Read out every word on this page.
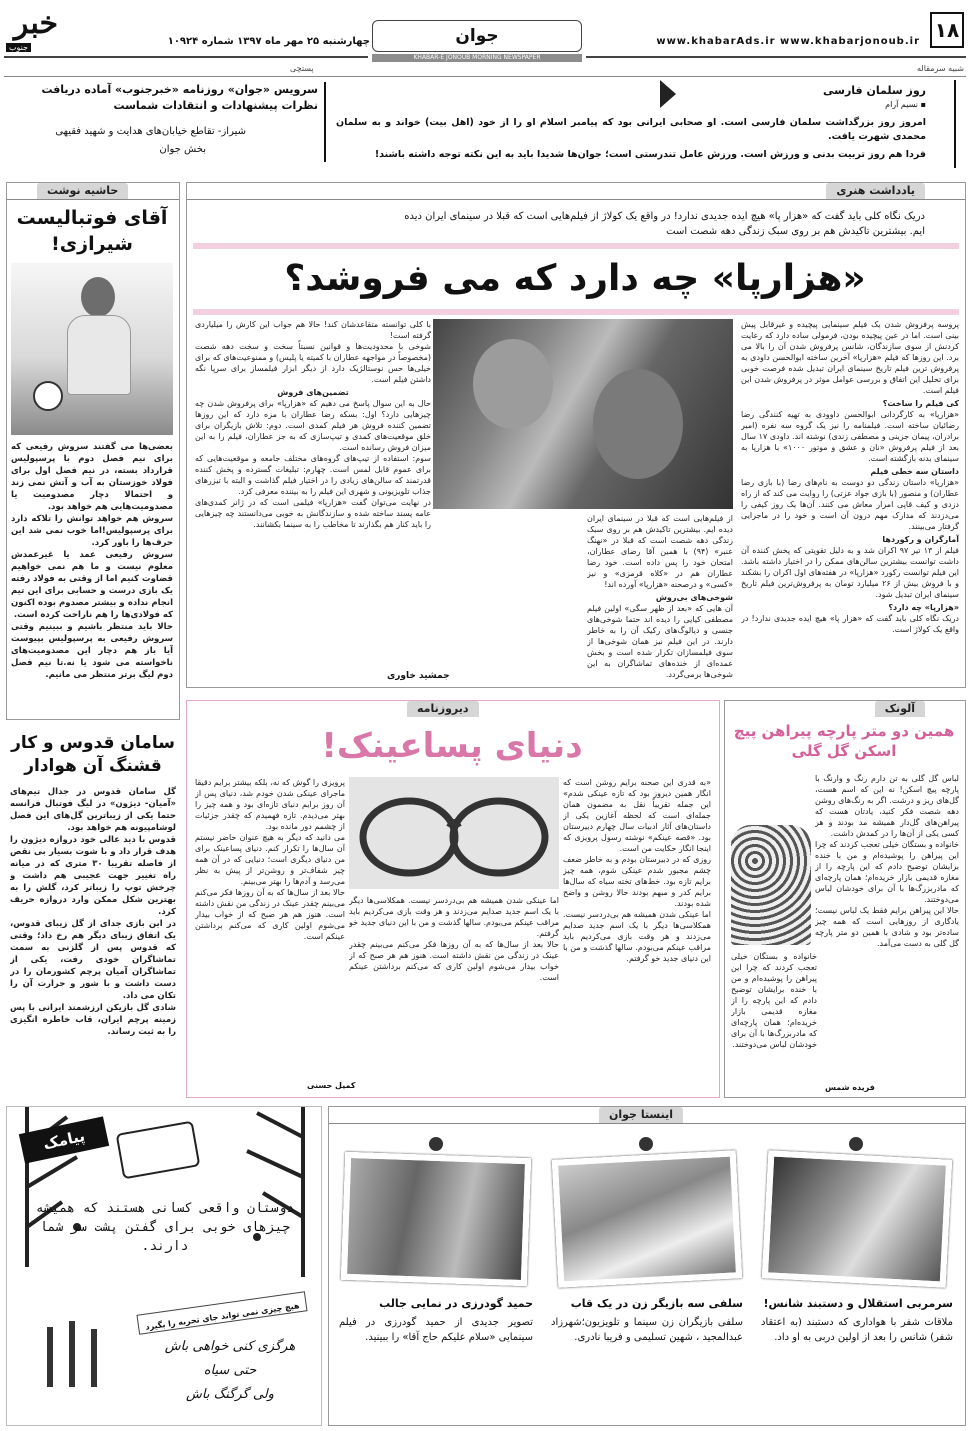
۱۸
www.khabarAds.ir www.khabarjonoub.ir
جوان
چهارشنبه ۲۵ مهر ماه ۱۳۹۷ شماره ۱۰۹۲۴
خبر
جنوب
KHABAR-E JONOUB MORNING NEWSPAPER
شبیه سرمقاله
پستچی
روز سلمان فارسی
▪ نسیم آرام
امروز روز بزرگداشت سلمان فارسی است. او صحابی ایرانی بود که پیامبر اسلام او را از خود (اهل بیت) خواند و به سلمان محمدی شهرت یافت.
فردا هم روز تربیت بدنی و ورزش است. ورزش عامل تندرستی است؛ جوان‌ها شدیدا باید به این نکته توجه داشته باشند!
سرویس «جوان» روزنامه «خبرجنوب» آماده دریافت نظرات پیشنهادات و انتقادات شماست
شیراز- تقاطع خیابان‌های هدایت و شهید فقیهی
بخش جوان
یادداشت هنری
دریک نگاه کلی باید گفت که «هزار پا» هیچ ایده جدیدی ندارد! در واقع یک کولاژ از فیلم‌هایی است که قبلا در سینمای ایران دیده ایم. بیشترین تاکیدش هم بر روی سبک زندگی دهه شصت است
«هزارپا» چه دارد که می فروشد؟

پروسه پرفروش شدن یک فیلم سینمایی پیچیده و غیرقابل پیش بینی است. اما در عین پیچیده بودن، فرمولی ساده دارد که رعایت کردنش از سوی سازندگان، شانس پرفروش شدن آن را بالا می برد. این روزها که فیلم «هزارپا» آخرین ساخته ابوالحسن داودی به پرفروش ترین فیلم تاریخ سینمای ایران تبدیل شده فرصت خوبی برای تحلیل این اتفاق و بررسی عوامل موثر در پرفروش شدن این فیلم است.

کی فیلم را ساخت؟

«هزارپا» به کارگردانی ابوالحسن داوودی به تهیه کنندگی رضا رضائیان ساخته است. فیلمنامه را نیز یک گروه سه نفره (امیر برادران، پیمان جزینی و مصطفی زندی) نوشته اند. داودی ۱۷ سال بعد از فیلم پرفروش «نان و عشق و موتور ۱۰۰۰» با هزارپا به سینمای بدنه بازگشته است.

داستان سه خطی فیلم

«هزارپا» داستان زندگی دو دوست به نام‌های رضا (با بازی رضا عطاران) و منصور (با بازی جواد عزتی) را روایت می کند که از راه دزدی و کیف قاپی امرار معاش می کنند. آن‌ها یک روز کیفی را می‌دزدند که مدارک مهم درون آن است و خود را در ماجرایی گرفتار می‌بینند.

آمارگران و رکوردها

فیلم از ۱۳ تیر ۹۷ اکران شد و به دلیل تقویتی که پخش کننده آن داشت توانست بیشترین سالن‌های ممکن را در اختیار داشته باشد. این فیلم توانست رکورد «هزارپا» در هفته‌های اول اکران را بشکند و با فروش بیش از ۲۶ میلیارد تومان به پرفروش‌ترین فیلم تاریخ سینمای ایران تبدیل شود.

«هزارپا» چه دارد؟

دریک نگاه کلی باید گفت که «هزار پا» هیچ ایده جدیدی ندارد! در واقع یک کولاژ است.

از فیلم‌هایی است که قبلا در سینمای ایران دیده ایم. بیشترین تاکیدش هم بر روی سبک زندگی دهه شصت است که قبلا در «نهنگ عنبر» (۹۴) با همین آقا رضای عطاران، امتحان خود را پس داده است. خود رضا عطاران هم در «کلاه قرمزی» و نیز «کسی» و درصحنه «هزارپا» آورده اند!

شوخی‌های بی‌روش

آن هایی که «بعد از ظهر سگی» اولین فیلم مصطفی کیایی را دیده اند حتما شوخی‌های جنسی و دیالوگ‌های رکیک آن را به خاطر دارند. در این فیلم نیز همان شوخی‌ها از سوی فیلمسازان تکرار شده است و بخش عمده‌ای از خنده‌های تماشاگران به این شوخی‌ها برمی‌گردد.

با کلی توانسته متقاعدشان کند! حالا هم جواب این کارش را میلیاردی گرفته است!

شوخی با محدودیت‌ها و قوانین نسبتاً سخت و سخت دهه شصت (مخصوصاً در مواجهه عطاران با کمیته یا پلیس) و ممنوعیت‌های که برای خیلی‌ها حس نوستالژیک دارد از دیگر ابزار فیلمساز برای سرپا نگه داشتن فیلم است.

تضمین‌های فروش

حال به این سوال پاسخ می دهیم که «هزارپا» برای پرفروش شدن چه چیزهایی دارد؟ اول: بسکه رضا عطاران با مزه دارد که این روزها تضمین کننده فروش هر فیلم کمدی است. دوم: تلاش بازیگران برای خلق موقعیت‌های کمدی و تیپ‌سازی که به جز عطاران، فیلم را به این میزان فروش رسانده است.

سوم: استفاده از تیپ‌های گروه‌های مختلف جامعه و موقعیت‌هایی که برای عموم قابل لمس است. چهارم: تبلیغات گسترده و پخش کننده قدرتمند که سالن‌های زیادی را در اختیار فیلم گذاشت و البته با تیزرهای جذاب تلویزیونی و شهری این فیلم را به بیننده معرفی کرد.

در نهایت می‌توان گفت «هزارپا» فیلمی است که در ژانر کمدی‌های عامه پسند ساخته شده و سازندگانش به خوبی می‌دانستند چه چیزهایی را باید کنار هم بگذارند تا مخاطب را به سینما بکشانند.

جمشید خاوری
حاشیه نوشت
آقای فوتبالیست شیرازی!

بعضی‌ها می گفتند سروش رفیعی که برای نیم فصل دوم با پرسپولیس قرارداد بسته، در نیم فصل اول برای فولاد خوزستان به آب و آتش نمی زند و احتمالا دچار مصدومیت یا مصدومیت‌هایی هم خواهد بود.

سروش هم خواهد توانش را تلاکه دارد برای پرسپولیس!اما خوب نمی شد این حرف‌ها را باور کرد.

سروش رفیعی عمد یا غیرعمدش معلوم نیست و ما هم نمی خواهیم قضاوت کنیم اما از وقتی به فولاد رفته یک بازی درست و حسابی برای این تیم انجام نداده و بیشتر مصدوم بوده اکنون که فولادی‌ها را هم ناراحت کرده است.

حالا باید منتظر باشیم و ببینیم وقتی سروش رفیعی به پرسپولیس بپیوست آیا باز هم دچار این مصدومیت‌های ناخواسته می شود یا نه.تا نیم فصل دوم لیگ برتر منتظر می مانیم.

سامان قدوس و کار قشنگ آن هوادار

گل سامان قدوس در جدال تیم‌های «آمیان- دیژون» در لیگ فوتبال فرانسه حتما یکی از زیباترین گل‌های این فصل لوشامپیونه هم خواهد بود.

قدوس با دید عالی خود دروازه دیژون را هدف قرار داد و با شوت بسیار بی نقص از فاصله تقریبا ۳۰ متری که در میانه راه تغییر جهت عجیبی هم داشت و چرخش توپ را زیباتر کرد، گلش را به بهترین شکل ممکن وارد دروازه حریف کرد.

در این بازی جدای از گل زیبای قدوس، یک اتفاق زیبای دیگر هم رخ داد؛ وقتی که قدوس پس از گلزنی به سمت تماشاگران خودی رفت، یکی از تماشاگران آمیان پرچم کشورمان را در دست داشت و با شور و حرارت آن را تکان می داد.

شادی گل بازیکن ارزشمند ایرانی با پس زمینه پرچم ایران، قاب خاطره انگیزی را به ثبت رساند.

دیروزنامه
دنیای پساعینک!

«به قدری این صحنه برایم روشن است که انگار همین دیروز بود که تازه عینکی شدم» این جمله تقریباً نقل به مضمون همان جمله‌ای است که لحظه آغازین یکی از داستان‌های آثار ادبیات سال چهارم دبیرستان بود. «قصه عینکم» نوشته رسول پرویزی که اینجا انگار حکایت من است.

روزی که در دبیرستان بودم و به خاطر ضعف چشم مجبور شدم عینکی شوم، همه چیز برایم تازه بود. خط‌های تخته سیاه که سال‌ها برایم کدر و مبهم بودند حالا روشن و واضح شده بودند.

اما عینکی شدن همیشه هم بی‌دردسر نیست. همکلاسی‌ها دیگر با یک اسم جدید صدایم می‌زدند و هر وقت بازی می‌کردیم باید مراقب عینکم می‌بودم. سالها گذشت و من با این دنیای جدید خو گرفتم.

پرویزی را گوش که نه، بلکه بیشتر برایم دقیقا ماجرای عینکی شدن خودم شد، دنیای پس از آن روز برایم دنیای تازه‌ای بود و همه چیز را بهتر می‌دیدم. تازه فهمیدم که چقدر جزئیات از چشمم دور مانده بود.

می دانید که دیگر به هیچ عنوان حاضر نیستم آن سال‌ها را تکرار کنم. دنیای پساعینک برای من دنیای دیگری است؛ دنیایی که در آن همه چیز شفاف‌تر و روشن‌تر از پیش به نظر می‌رسد و آدم‌ها را بهتر می‌بینم.

حالا بعد از سال‌ها که به آن روزها فکر می‌کنم می‌بینم چقدر عینک در زندگی من نقش داشته است. هنوز هم هر صبح که از خواب بیدار می‌شوم اولین کاری که می‌کنم برداشتن عینکم است.

اما عینکی شدن همیشه هم بی‌دردسر نیست. همکلاسی‌ها دیگر با یک اسم جدید صدایم می‌زدند و هر وقت بازی می‌کردیم باید مراقب عینکم می‌بودم. سالها گذشت و من با این دنیای جدید خو گرفتم.

حالا بعد از سال‌ها که به آن روزها فکر می‌کنم می‌بینم چقدر عینک در زندگی من نقش داشته است. هنوز هم هر صبح که از خواب بیدار می‌شوم اولین کاری که می‌کنم برداشتن عینکم است.

کمیل حسنی
آلونک
همین دو متر پارچه پیراهن پیچ اسکن گل گلی

لباس گل گلی به تن دارم رنگ و وارنگ با پارچه پیچ اسکن! نه این که اسم هست، گل‌های ریز و درشت. اگر به رنگ‌های روشن دهه شصت فکر کنید، یادتان هست که پیراهن‌های گل‌دار همیشه مد بودند و هر کسی یکی از آن‌ها را در کمدش داشت.

خانواده و بستگان خیلی تعجب کردند که چرا این پیراهن را پوشیده‌ام و من با خنده برایشان توضیح دادم که این پارچه را از مغازه قدیمی بازار خریده‌ام؛ همان پارچه‌ای که مادربزرگ‌ها با آن برای خودشان لباس می‌دوختند.

حالا این پیراهن برایم فقط یک لباس نیست؛ یادگاری از روزهایی است که همه چیز ساده‌تر بود و شادی با همین دو متر پارچه گل گلی به دست می‌آمد.

خانواده و بستگان خیلی تعجب کردند که چرا این پیراهن را پوشیده‌ام و من با خنده برایشان توضیح دادم که این پارچه را از مغازه قدیمی بازار خریده‌ام؛ همان پارچه‌ای که مادربزرگ‌ها با آن برای خودشان لباس می‌دوختند.

فریده شمس
پیامک
دوستان واقعی کسانی هستند که همیشه چیزهای خوبی برای گفتن پشت سر شما دارند.
هیچ چیزی نمی تواند جای تجربه را بگیرد
هرگزی کنی خواهی باش
حتی سیاه
ولی گرگنگ باش
اینستا جوان
سرمربی استقلال و دستبند شانس!
ملاقات شفر با هواداری که دستبند (به اعتقاد شفر) شانس را بعد از اولین دربی به او داد.
سلفی سه بازیگر زن در یک قاب
سلفی بازیگران زن سینما و تلویزیون؛شهرزاد عبدالمجید ، شهین تسلیمی و فریبا نادری.
حمید گودرزی در نمایی جالب
تصویر جدیدی از حمید گودرزی در فیلم سینمایی «سلام علیکم حاج آقا» را ببینید.
